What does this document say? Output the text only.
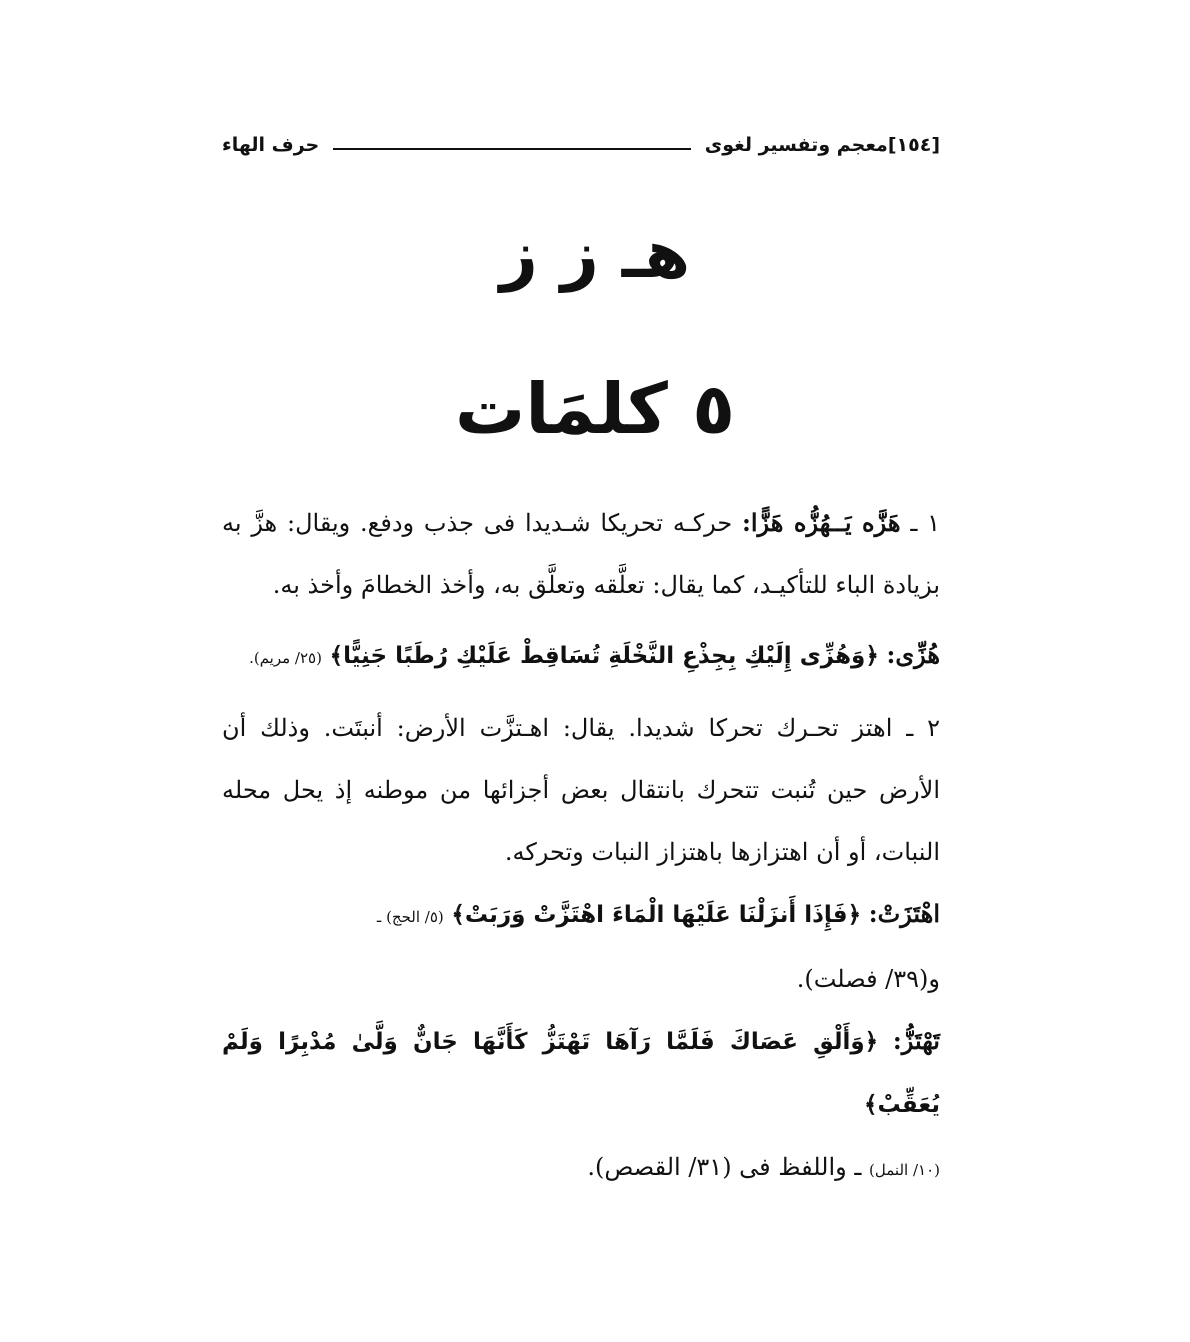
[١٥٤]
معجم وتفسير لغوى
حرف الهاء
هـ ز ز
٥ كلمَات

١ ـ هَزَّه يَــهُزُّه هَزًّا: حركـه تحريكا شـديدا فى جذب ودفع. ويقال: هزَّ به بزيادة الباء للتأكيـد، كما يقال: تعلَّقه وتعلَّق به، وأخذ الخطامَ وأخذ به.

هُزِّى: ﴿وَهُزِّى إِلَيْكِ بِجِذْعِ النَّخْلَةِ تُسَاقِطْ عَلَيْكِ رُطَبًا جَنِيًّا﴾ (٢٥/ مريم).

٢ ـ اهتز تحـرك تحركا شديدا. يقال: اهـتزَّت الأرض: أنبتَت. وذلك أن الأرض حين تُنبت تتحرك بانتقال بعض أجزائها من موطنه إذ يحل محله النبات، أو أن اهتزازها باهتزاز النبات وتحركه.

اهْتَزَتْ: ﴿فَإِذَا أَنزَلْنَا عَلَيْهَا الْمَاءَ اهْتَزَّتْ وَرَبَتْ﴾ (٥/ الحج) ـ

و(٣٩/ فصلت).

تَهْتَزُّ: ﴿وَأَلْقِ عَصَاكَ فَلَمَّا رَآهَا تَهْتَزُّ كَأَنَّهَا جَانٌّ وَلَّىٰ مُدْبِرًا وَلَمْ يُعَقِّبْ﴾

(١٠/ النمل) ـ واللفظ فى (٣١/ القصص).
